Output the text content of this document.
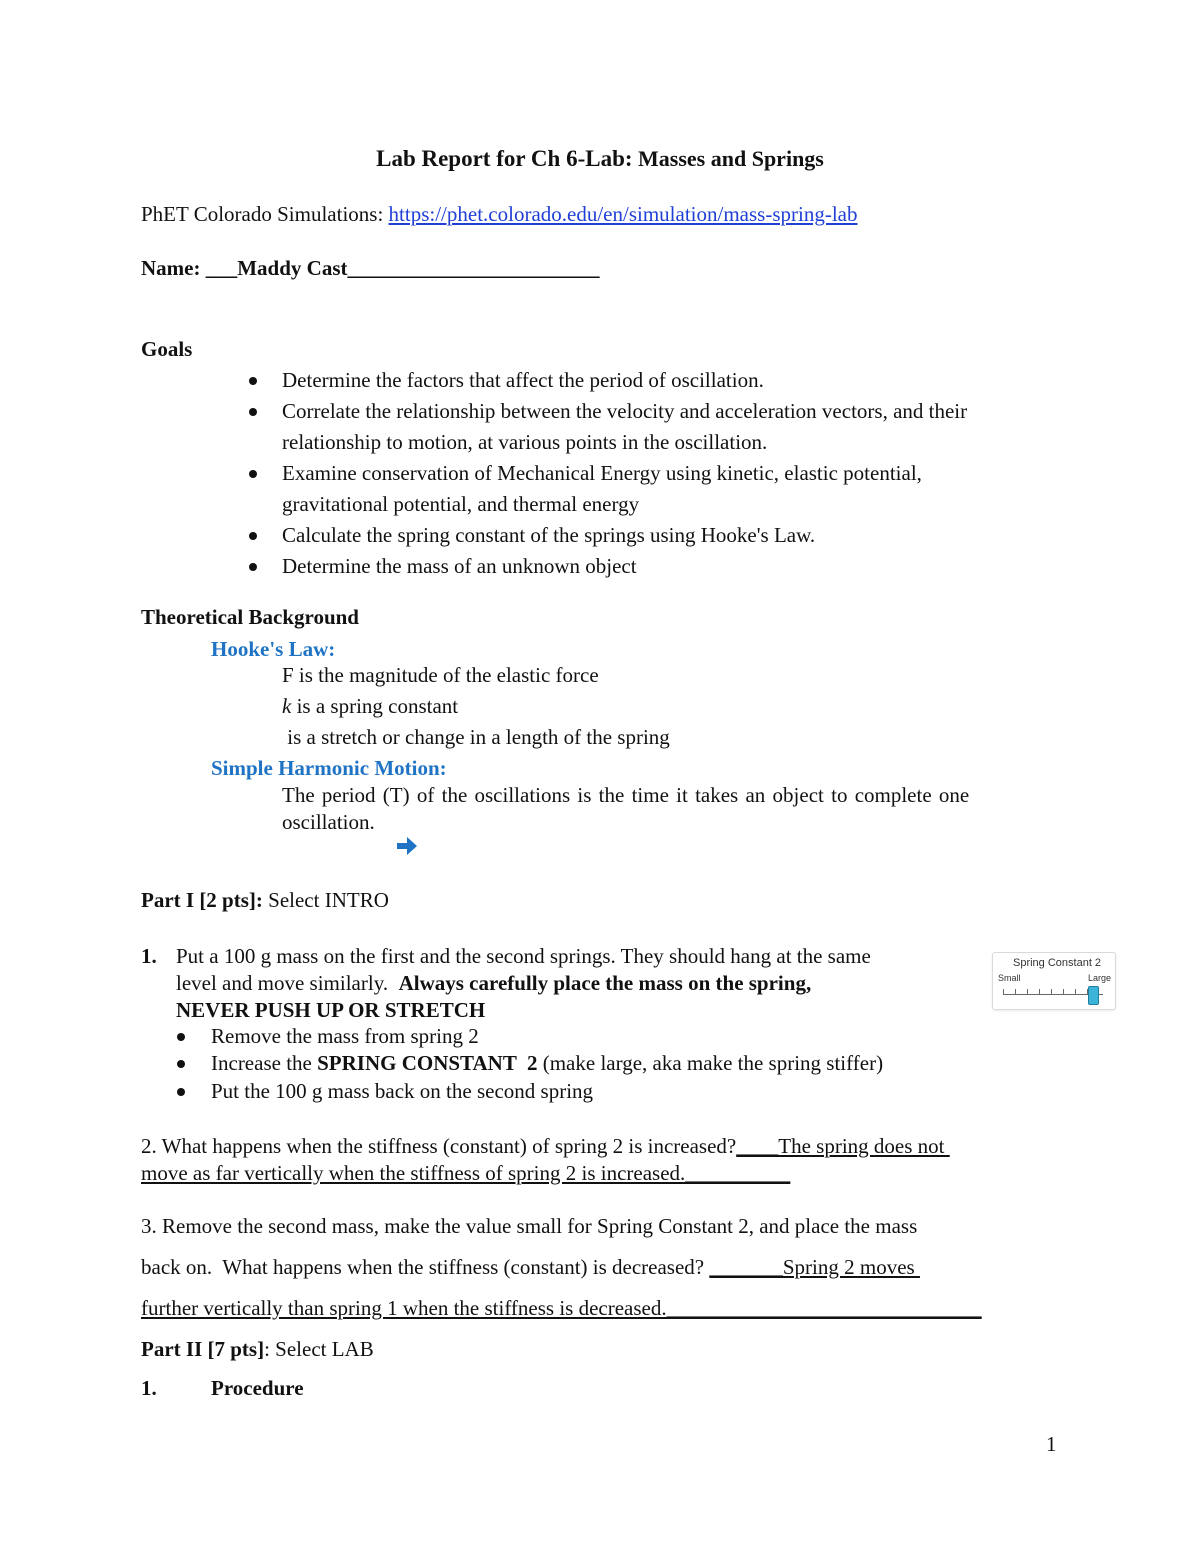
Lab Report for Ch 6-Lab: Masses and Springs
PhET Colorado Simulations: https://phet.colorado.edu/en/simulation/mass-spring-lab
Name: ___Maddy Cast________________________
Goals
Determine the factors that affect the period of oscillation.
Correlate the relationship between the velocity and acceleration vectors, and their
relationship to motion, at various points in the oscillation.
Examine conservation of Mechanical Energy using kinetic, elastic potential,
gravitational potential, and thermal energy
Calculate the spring constant of the springs using Hooke's Law.
Determine the mass of an unknown object
Theoretical Background
Hooke's Law:
F is the magnitude of the elastic force
k is a spring constant
is a stretch or change in a length of the spring
Simple Harmonic Motion:
The period (T) of the oscillations is the time it takes an object to complete one
oscillation.
Part I [2 pts]: Select INTRO
1. Put a 100 g mass on the first and the second springs. They should hang at the same
level and move similarly.  Always carefully place the mass on the spring,
NEVER PUSH UP OR STRETCH
Remove the mass from spring 2
Increase the SPRING CONSTANT  2 (make large, aka make the spring stiffer)
Put the 100 g mass back on the second spring
Spring Constant 2
Small	Large
2. What happens when the stiffness (constant) of spring 2 is increased?____The spring does not
move as far vertically when the stiffness of spring 2 is increased.__________
3. Remove the second mass, make the value small for Spring Constant 2, and place the mass
back on.  What happens when the stiffness (constant) is decreased? _______Spring 2 moves
further vertically than spring 1 when the stiffness is decreased.______________________________
Part II [7 pts]: Select LAB
1.	Procedure
1
